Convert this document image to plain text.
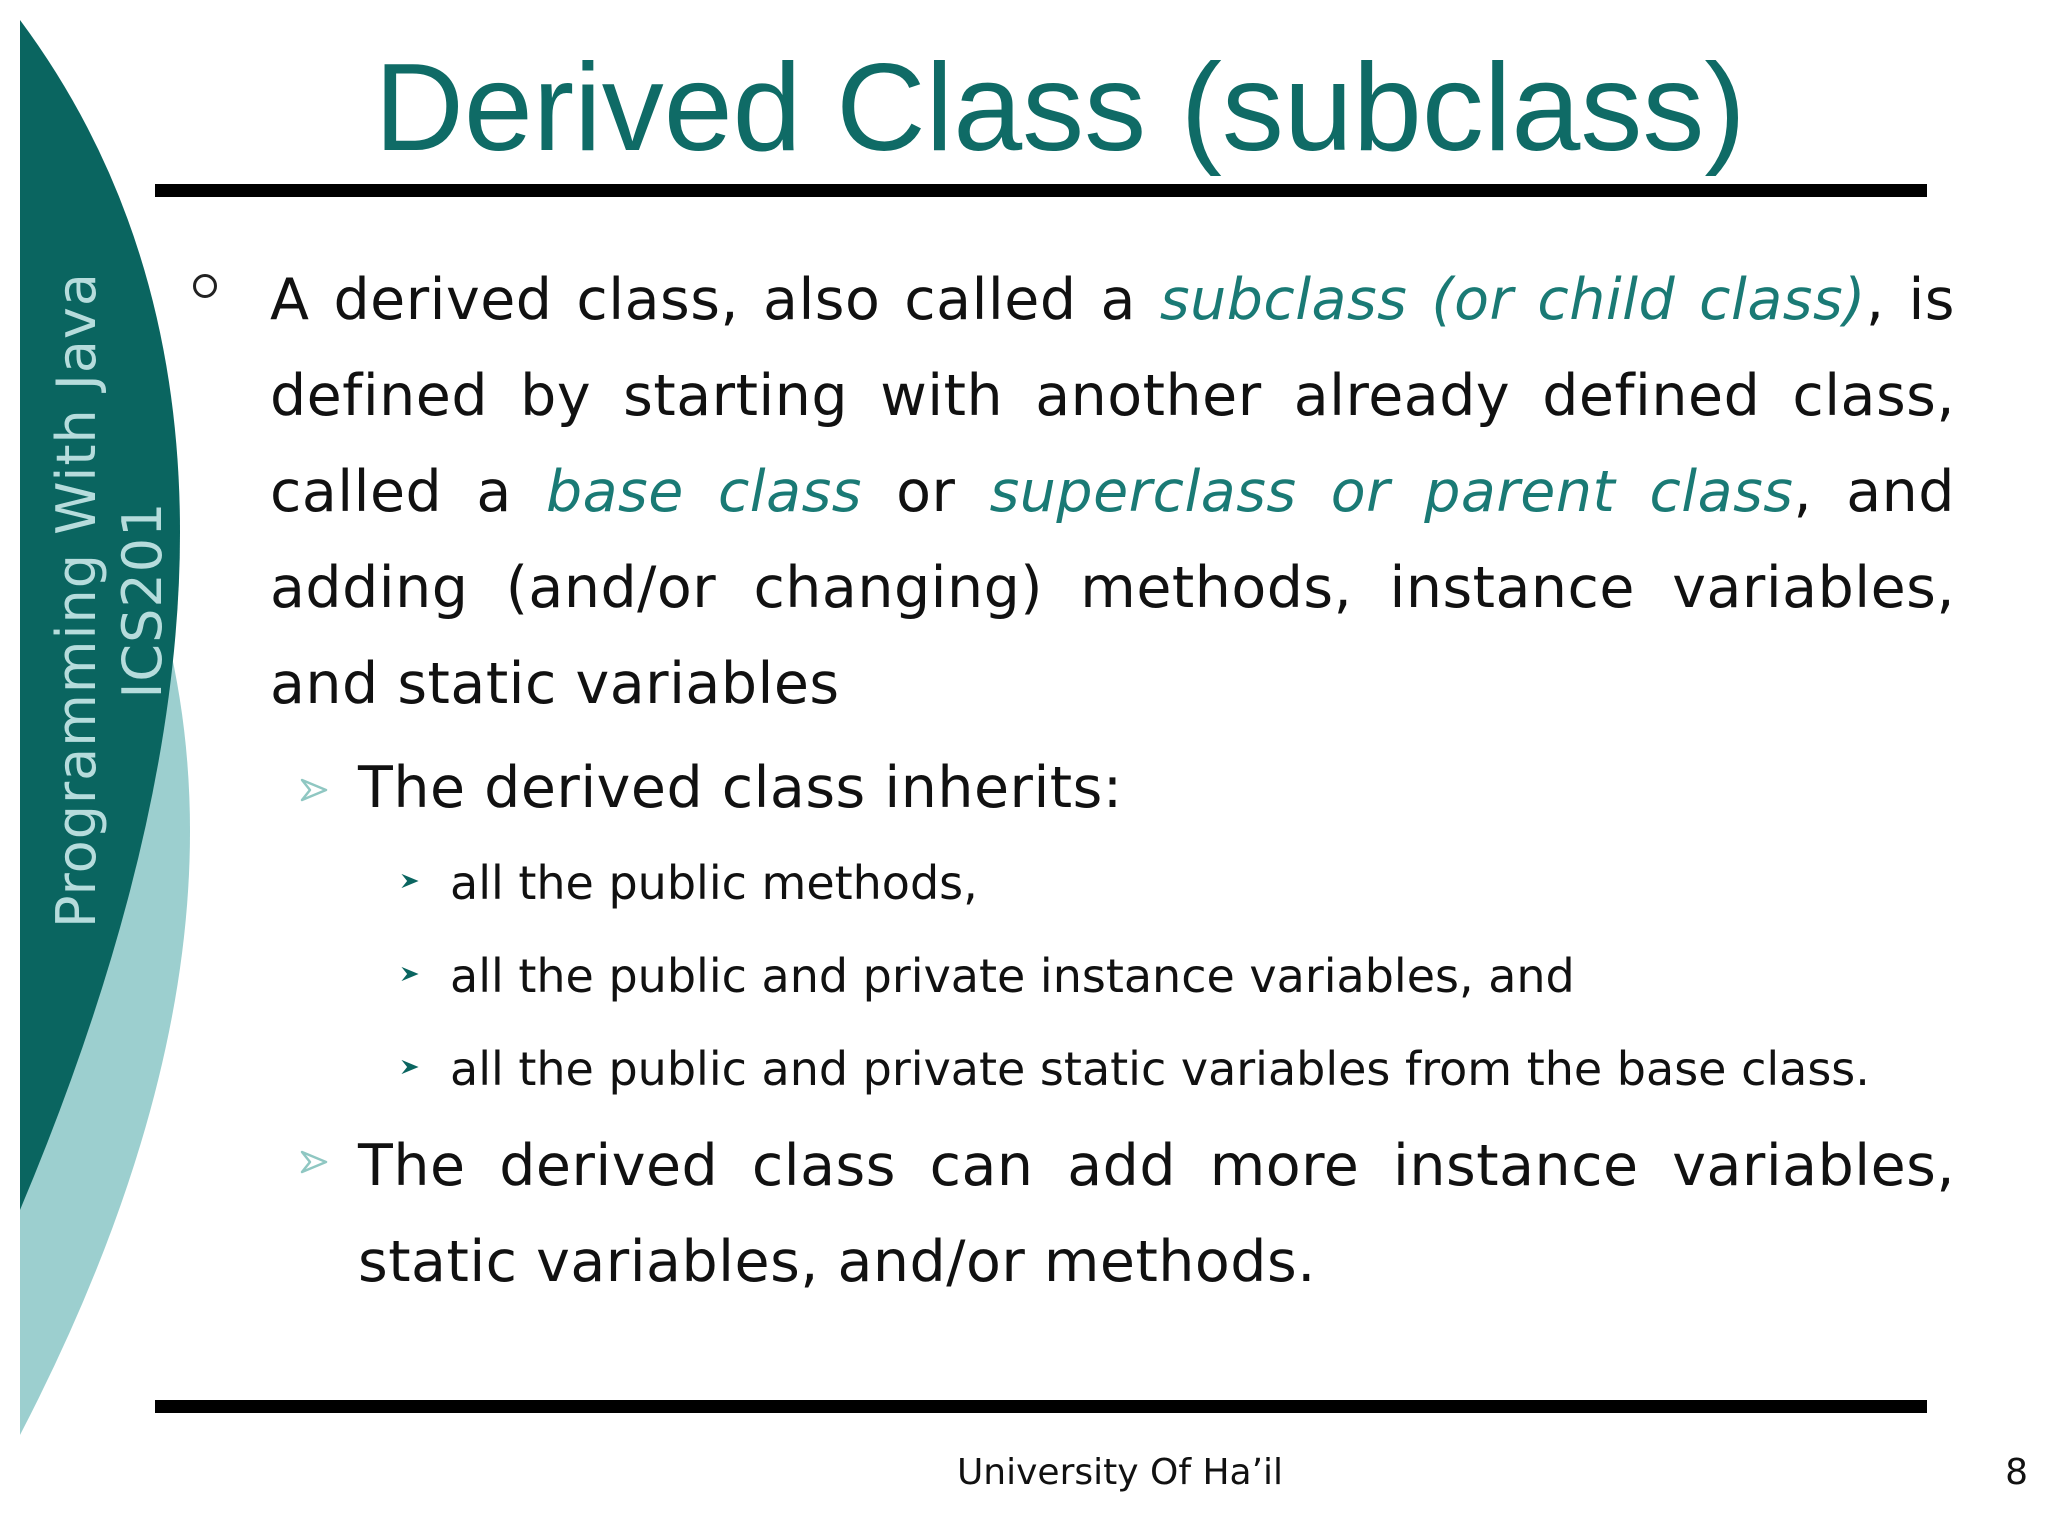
Programming With Java ICS201
Derived Class (subclass)

A derived class, also called a subclass (or child class), is defined by starting with another already defined class, called a base class or superclass or parent class, and adding (and/or changing) methods, instance variables, and static variables

The derived class inherits:

all the public methods,

all the public and private instance variables, and

all the public and private static variables from the base class.

The derived class can add more instance variables, static variables, and/or methods.

University Of Ha’il	8
